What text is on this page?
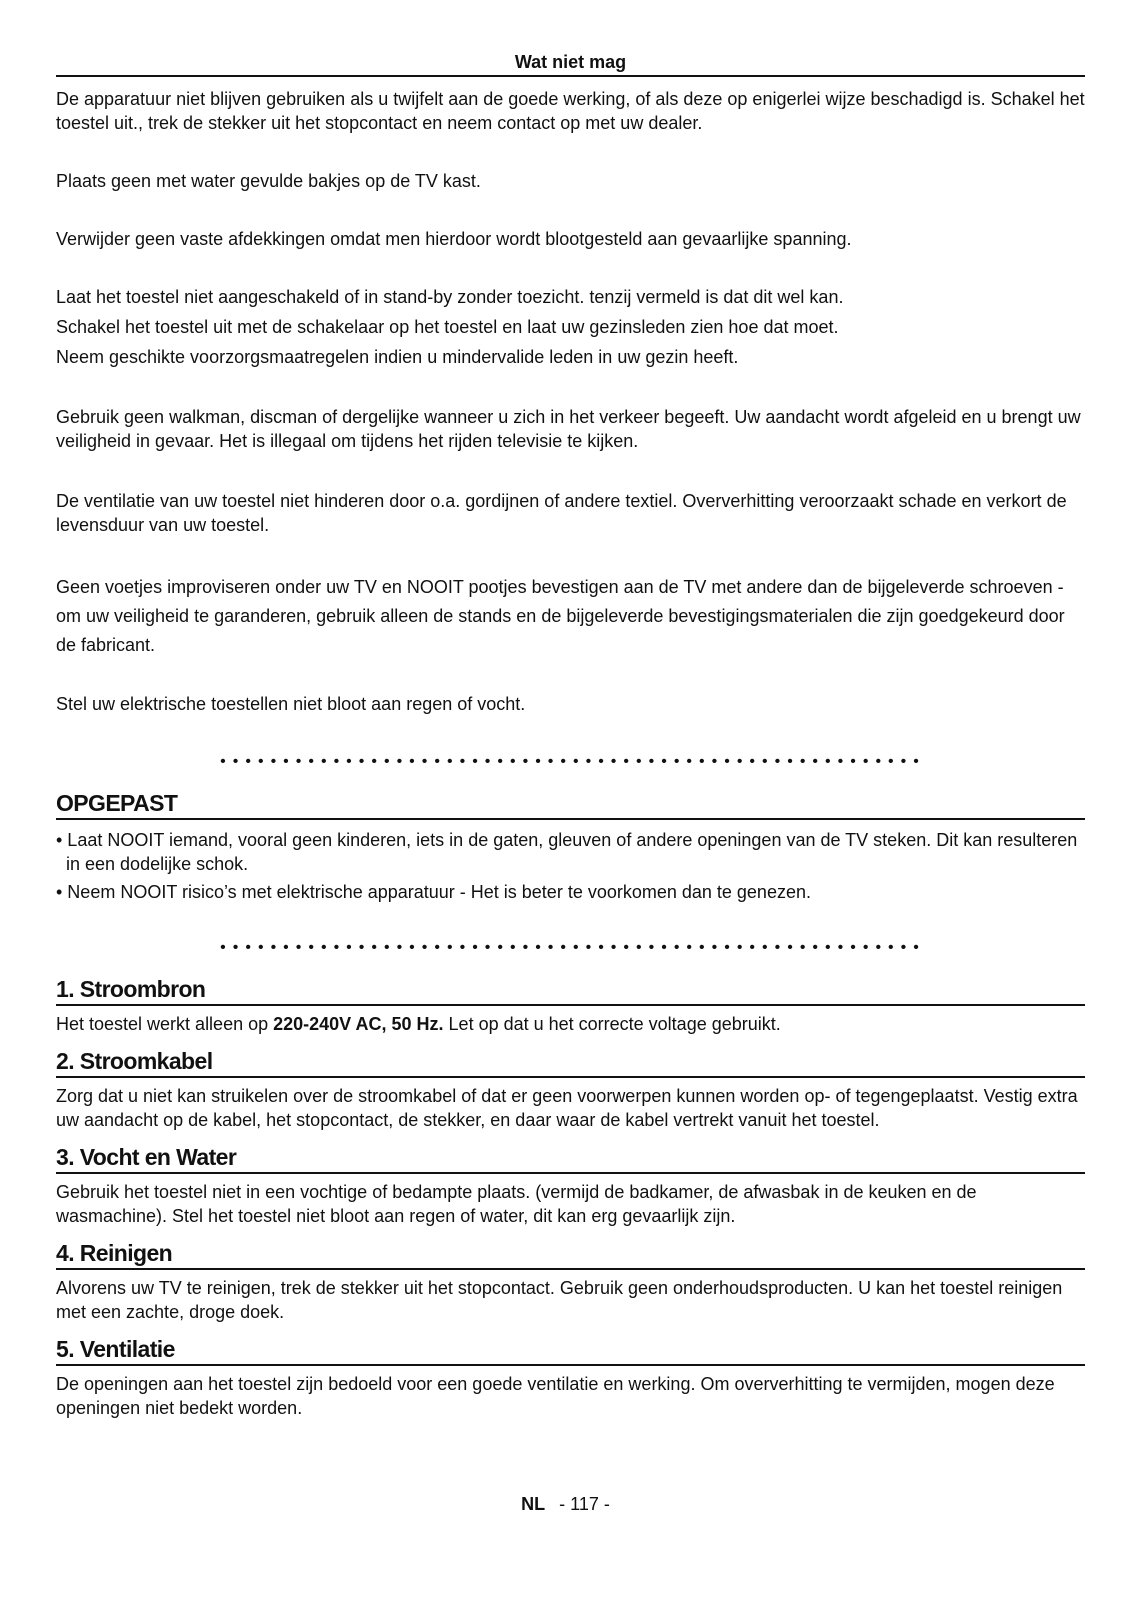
Wat niet mag

De apparatuur niet blijven gebruiken als u twijfelt aan de goede werking, of als deze op enigerlei wijze beschadigd is. Schakel het toestel uit., trek de stekker uit het stopcontact en neem contact op met uw dealer.

Plaats geen met water gevulde bakjes op de TV kast.

Verwijder geen vaste afdekkingen omdat men hierdoor wordt blootgesteld aan gevaarlijke spanning.

Laat het toestel niet aangeschakeld of in stand-by zonder toezicht. tenzij vermeld is dat dit wel kan.

Schakel het toestel uit met de schakelaar op het toestel en laat uw gezinsleden zien hoe dat moet.

Neem geschikte voorzorgsmaatregelen indien u mindervalide leden in uw gezin heeft.

Gebruik geen walkman, discman of dergelijke wanneer u zich in het verkeer begeeft. Uw aandacht wordt afgeleid en u brengt uw veiligheid in gevaar. Het is illegaal om tijdens het rijden televisie te kijken.

De ventilatie van uw toestel niet hinderen door o.a. gordijnen of andere textiel. Oververhitting veroorzaakt schade en verkort de levensduur van uw toestel.

Geen voetjes improviseren onder uw TV en NOOIT pootjes bevestigen aan de TV met andere dan de bijgeleverde schroeven - om uw veiligheid te garanderen, gebruik alleen de stands en de bijgeleverde bevestigingsmaterialen die zijn goedgekeurd door de fabricant.

Stel uw elektrische toestellen niet bloot aan regen of vocht.

••••••••••••••••••••••••••••••••••••••••••••••••••••••••
OPGEPAST

• Laat NOOIT iemand, vooral geen kinderen, iets in de gaten, gleuven of andere openingen van de TV steken. Dit kan resulteren in een dodelijke schok.

• Neem NOOIT risico’s met elektrische apparatuur - Het is beter te voorkomen dan te genezen.

••••••••••••••••••••••••••••••••••••••••••••••••••••••••
1. Stroombron

Het toestel werkt alleen op 220-240V AC, 50 Hz. Let op dat u het correcte voltage gebruikt.

2. Stroomkabel

Zorg dat u niet kan struikelen over de stroomkabel of dat er geen voorwerpen kunnen worden op- of tegengeplaatst. Vestig extra uw aandacht op de kabel, het stopcontact, de stekker, en daar waar de kabel vertrekt vanuit het toestel.

3. Vocht en Water

Gebruik het toestel niet in een vochtige of bedampte plaats. (vermijd de badkamer, de afwasbak in de keuken en de wasmachine). Stel het toestel niet bloot aan regen of water, dit kan erg gevaarlijk zijn.

4. Reinigen

Alvorens uw TV te reinigen, trek de stekker uit het stopcontact. Gebruik geen onderhoudsproducten. U kan het toestel reinigen met een zachte, droge doek.

5. Ventilatie

De openingen aan het toestel zijn bedoeld voor een goede ventilatie en werking. Om oververhitting te vermijden, mogen deze openingen niet bedekt worden.

NL - 117 -
